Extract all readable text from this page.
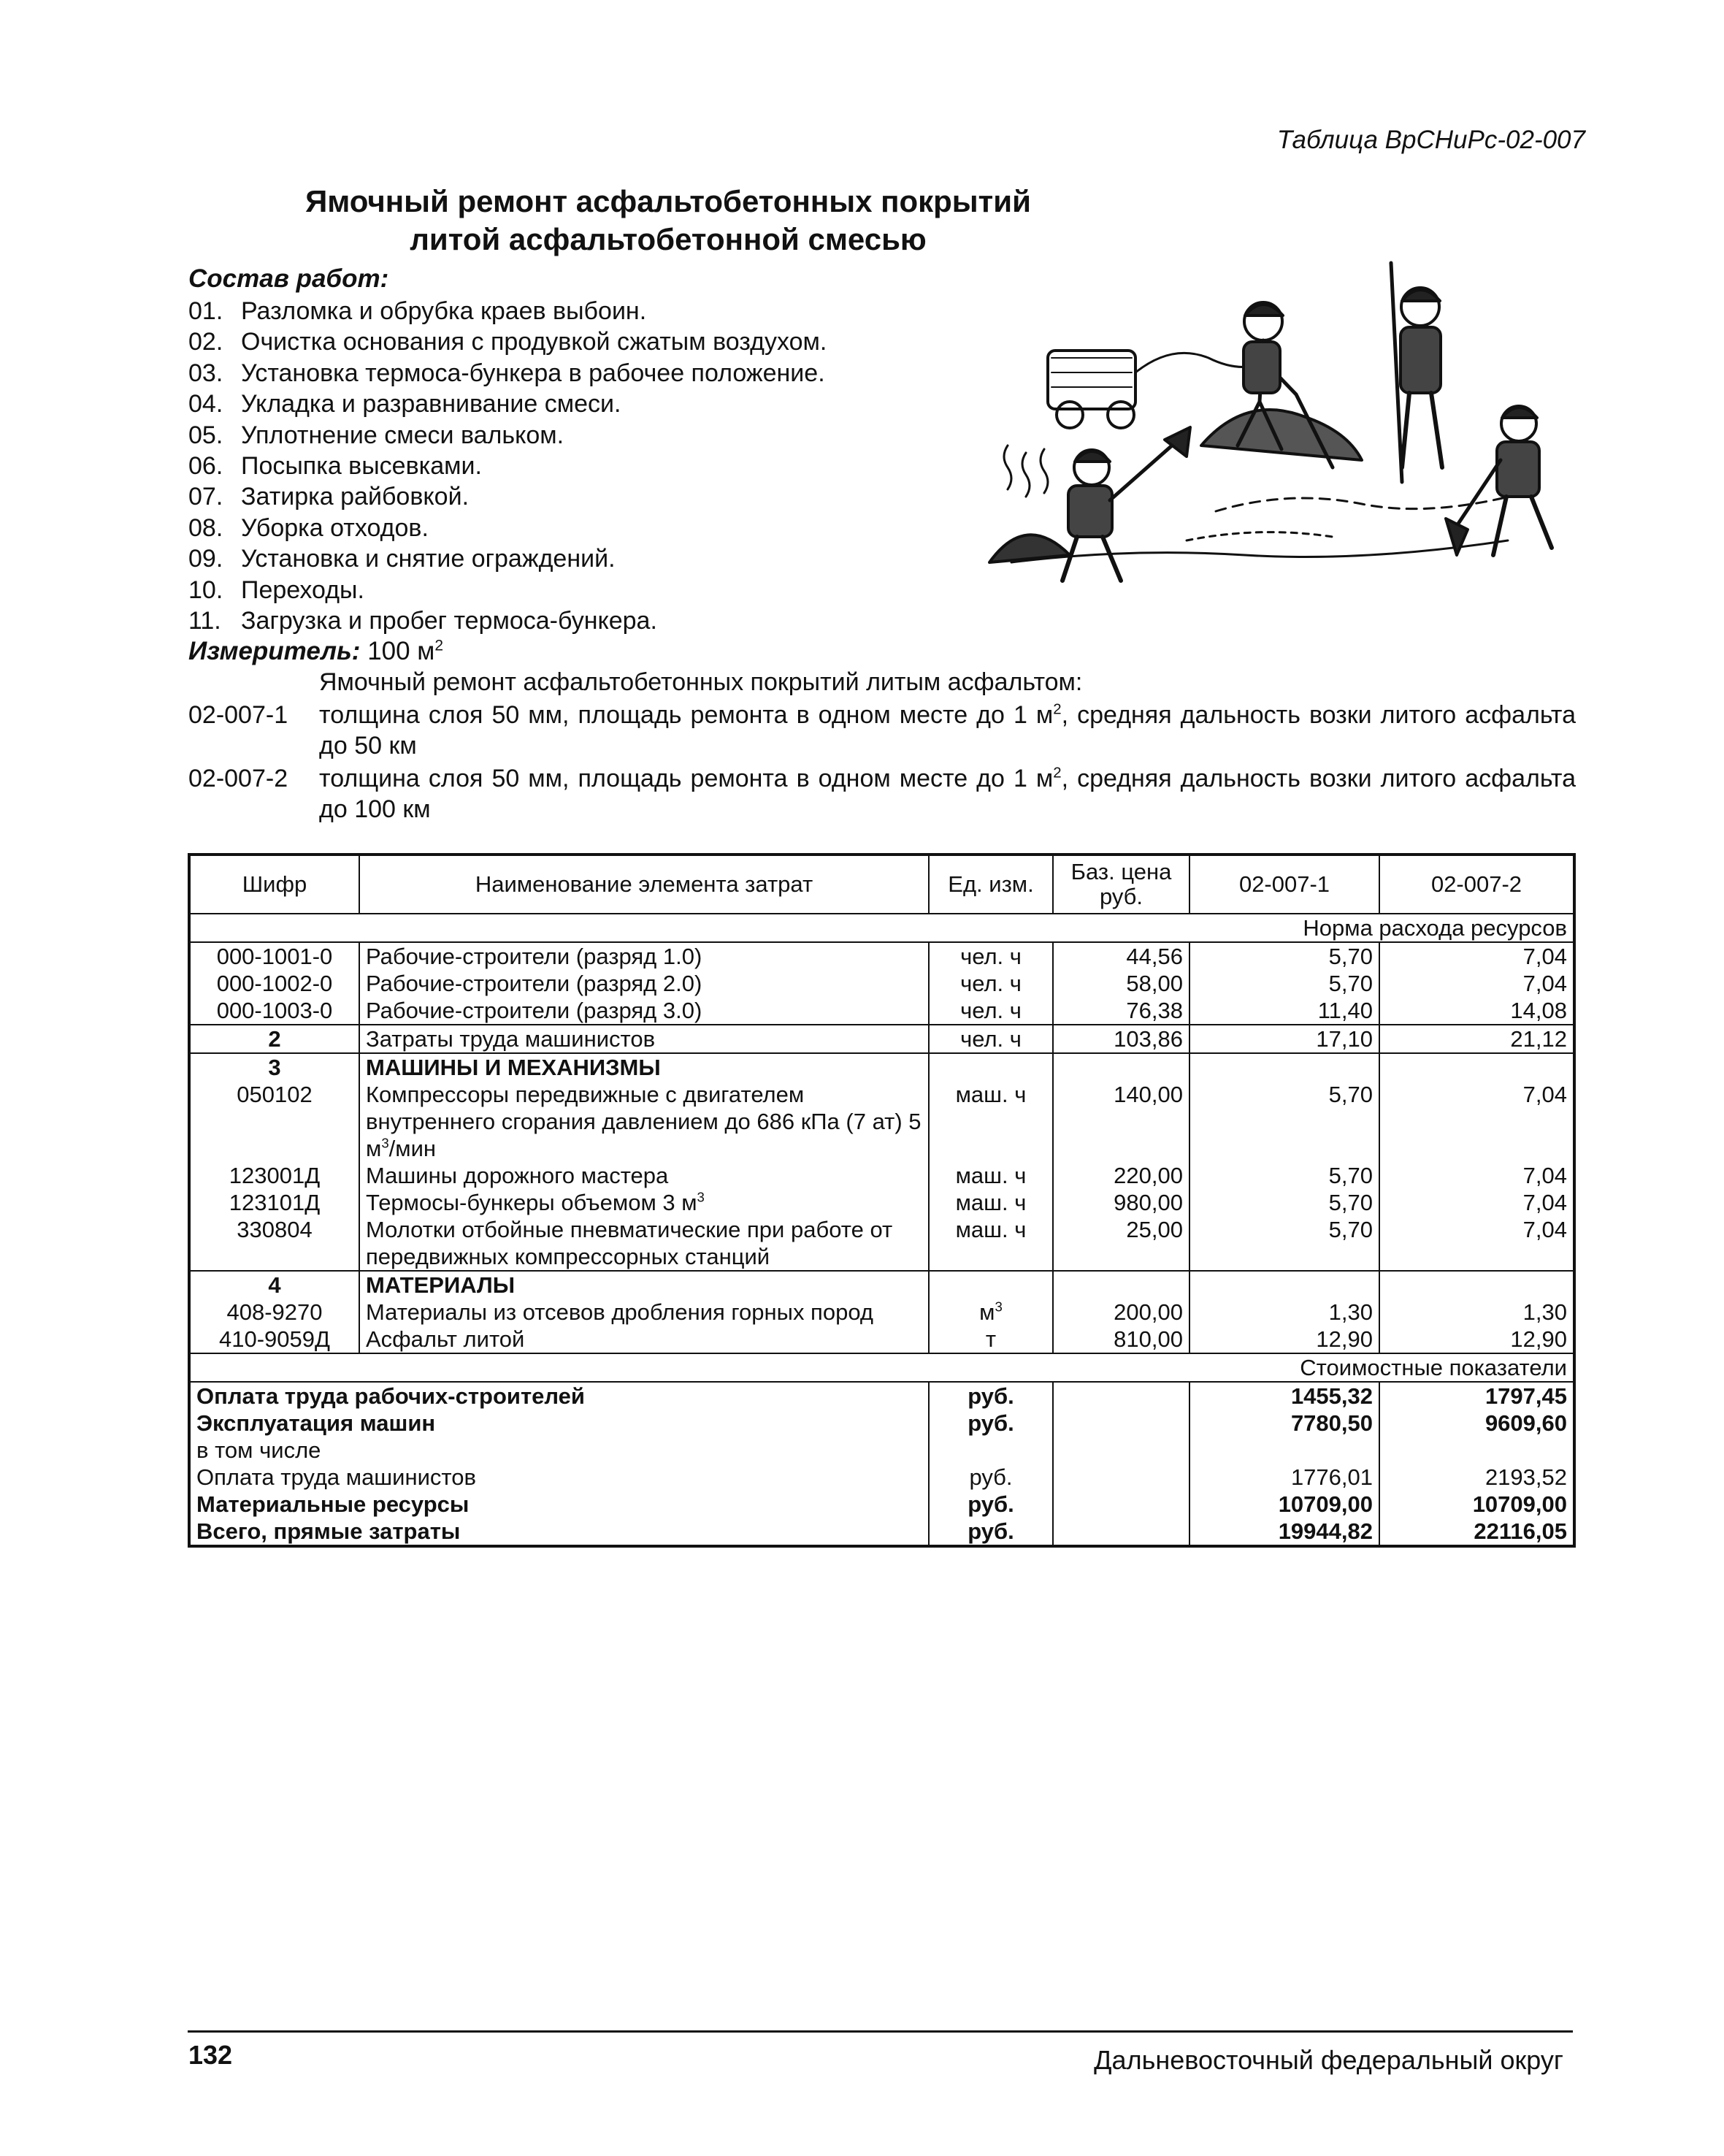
Таблица ВрСНиРс-02-007
Ямочный ремонт асфальтобетонных покрытий
литой асфальтобетонной смесью
Состав работ:
01. Разломка и обрубка краев выбоин.
02. Очистка основания с продувкой сжатым воздухом.
03. Установка термоса-бункера в рабочее положение.
04. Укладка и разравнивание смеси.
05. Уплотнение смеси вальком.
06. Посыпка высевками.
07. Затирка райбовкой.
08. Уборка отходов.
09. Установка и снятие ограждений.
10. Переходы.
11. Загрузка и пробег термоса-бункера.
Измеритель: 100 $м^2$
Ямочный ремонт асфальтобетонных покрытий литым асфальтом:
02-007-1 толщина слоя 50 мм, площадь ремонта в одном месте до 1 $м^2$, средняя дальность возки литого асфальта до 50 км
02-007-2 толщина слоя 50 мм, площадь ремонта в одном месте до 1 $м^2$, средняя дальность возки литого асфальта до 100 км
Шифр	Наименование элемента затрат	Ед. изм.	Баз. цена руб.	02-007-1	02-007-2
Норма расхода ресурсов					
000-1001-0	Рабочие-строители (разряд 1.0)	чел. ч	44,56	5,70	7,04
000-1002-0	Рабочие-строители (разряд 2.0)	чел. ч	58,00	5,70	7,04
000-1003-0	Рабочие-строители (разряд 3.0)	чел. ч	76,38	11,40	14,08
2	Затраты труда машинистов	чел. ч	103,86	17,10	21,12
3	МАШИНЫ И МЕХАНИЗМЫ				
050102	Компрессоры передвижные с двигателем внутреннего сгорания давлением до 686 кПа (7 ат) 5 $м^3$/мин	маш. ч	140,00	5,70	7,04
123001Д	Машины дорожного мастера	маш. ч	220,00	5,70	7,04
123101Д	Термосы-бункеры объемом 3 $м^3$	маш. ч	980,00	5,70	7,04
330804	Молотки отбойные пневматические при работе от передвижных компрессорных станций	маш. ч	25,00	5,70	7,04
4	МАТЕРИАЛЫ				
408-9270	Материалы из отсевов дробления горных пород	$м^3$	200,00	1,30	1,30
410-9059Д	Асфальт литой	т	810,00	12,90	12,90
Стоимостные показатели					
Оплата труда рабочих-строителей		руб.		1455,32	1797,45
Эксплуатация машин		руб.		7780,50	9609,60
в том числе					
Оплата труда машинистов		руб.		1776,01	2193,52
Материальные ресурсы		руб.		10709,00	10709,00
Всего, прямые затраты		руб.		19944,82	22116,05
132	Дальневосточный федеральный округ
